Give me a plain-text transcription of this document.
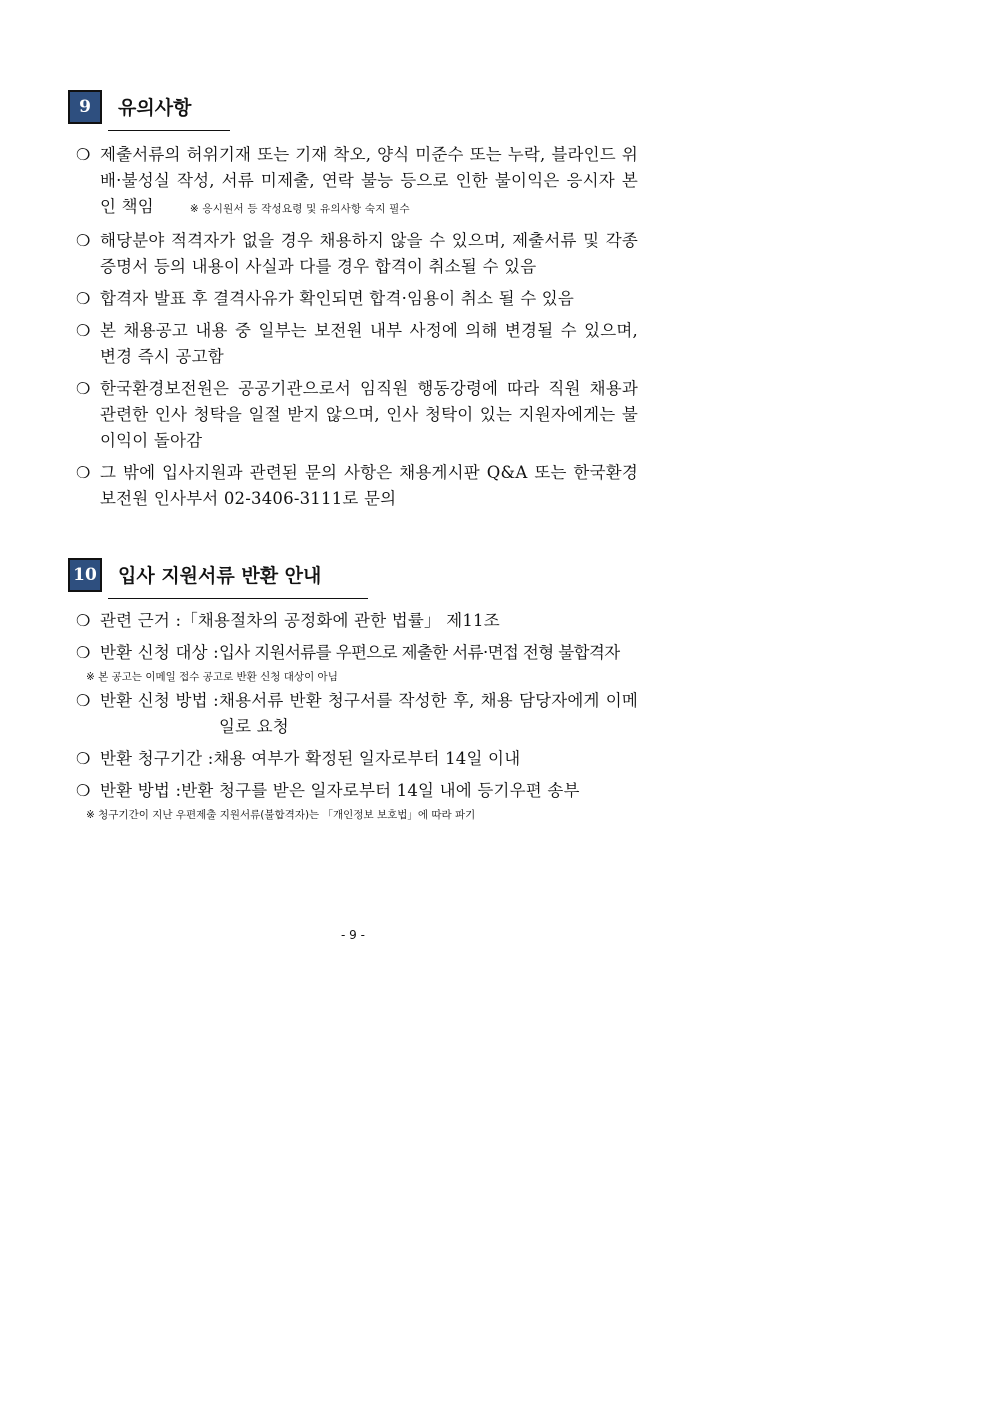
9	유의사항
❍ 제출서류의 허위기재 또는 기재 착오, 양식 미준수 또는 누락, 블라인드 위배·불성실 작성, 서류 미제출, 연락 불능 등으로 인한 불이익은 응시자 본인 책임	※ 응시원서 등 작성요령 및 유의사항 숙지 필수
❍ 해당분야 적격자가 없을 경우 채용하지 않을 수 있으며, 제출서류 및 각종 증명서 등의 내용이 사실과 다를 경우 합격이 취소될 수 있음
❍ 합격자 발표 후 결격사유가 확인되면 합격·임용이 취소 될 수 있음
❍ 본 채용공고 내용 중 일부는 보전원 내부 사정에 의해 변경될 수 있으며, 변경 즉시 공고함
❍ 한국환경보전원은 공공기관으로서 임직원 행동강령에 따라 직원 채용과 관련한 인사 청탁을 일절 받지 않으며, 인사 청탁이 있는 지원자에게는 불이익이 돌아감
❍ 그 밖에 입사지원과 관련된 문의 사항은 채용게시판 Q&A 또는 한국환경보전원 인사부서 02-3406-3111로 문의
10 입사 지원서류 반환 안내
❍ 관련 근거 : 「채용절차의 공정화에 관한 법률」 제11조
❍ 반환 신청 대상 : 입사 지원서류를 우편으로 제출한 서류·면접 전형 불합격자
※ 본 공고는 이메일 접수 공고로 반환 신청 대상이 아님
❍ 반환 신청 방법 : 채용서류 반환 청구서를 작성한 후, 채용 담당자에게 이메일로 요청
❍ 반환 청구기간 : 채용 여부가 확정된 일자로부터 14일 이내
❍ 반환 방법 : 반환 청구를 받은 일자로부터 14일 내에 등기우편 송부
※ 청구기간이 지난 우편제출 지원서류(불합격자)는 「개인정보 보호법」에 따라 파기
- 9 -
